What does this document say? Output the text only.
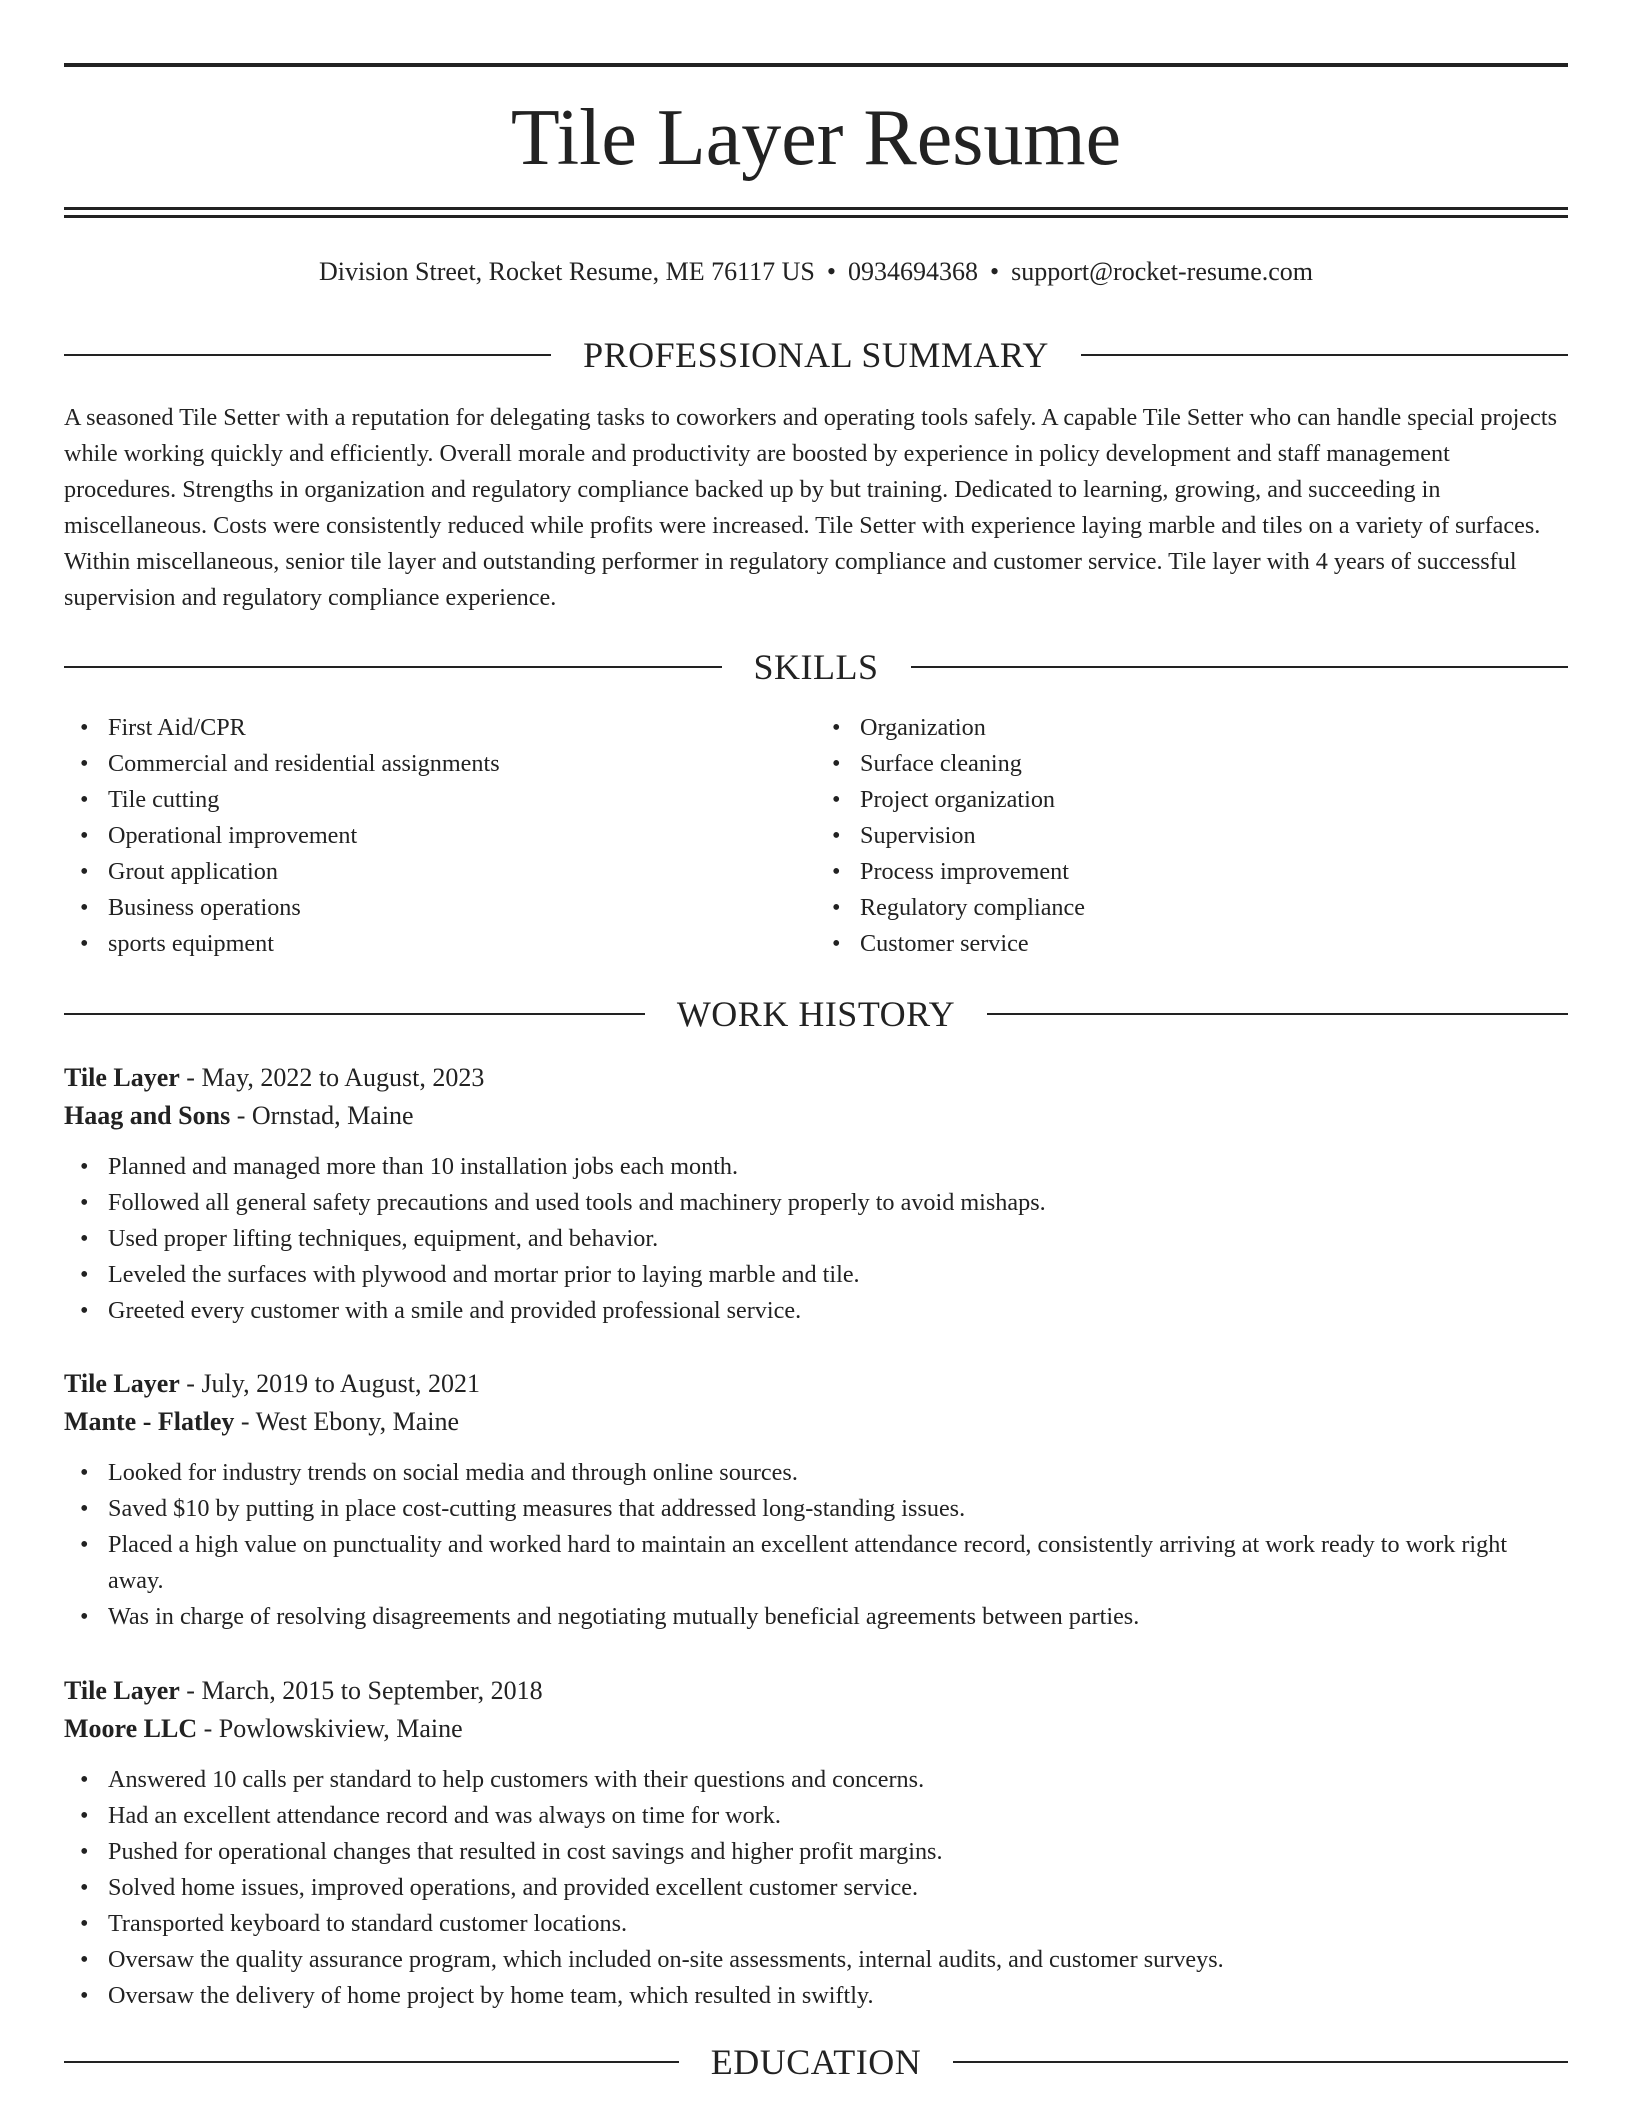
Tile Layer Resume
Division Street, Rocket Resume, ME 76117 US • 0934694368 • support@rocket-resume.com
PROFESSIONAL SUMMARY

A seasoned Tile Setter with a reputation for delegating tasks to coworkers and operating tools safely. A capable Tile Setter who can handle special projects while working quickly and efficiently. Overall morale and productivity are boosted by experience in policy development and staff management procedures. Strengths in organization and regulatory compliance backed up by but training. Dedicated to learning, growing, and succeeding in miscellaneous. Costs were consistently reduced while profits were increased. Tile Setter with experience laying marble and tiles on a variety of surfaces. Within miscellaneous, senior tile layer and outstanding performer in regulatory compliance and customer service. Tile layer with 4 years of successful supervision and regulatory compliance experience.

SKILLS
• First Aid/CPR
• Commercial and residential assignments
• Tile cutting
• Operational improvement
• Grout application
• Business operations
• sports equipment
• Organization
• Surface cleaning
• Project organization
• Supervision
• Process improvement
• Regulatory compliance
• Customer service
WORK HISTORY
Tile Layer - May, 2022 to August, 2023
Haag and Sons - Ornstad, Maine
• Planned and managed more than 10 installation jobs each month.
• Followed all general safety precautions and used tools and machinery properly to avoid mishaps.
• Used proper lifting techniques, equipment, and behavior.
• Leveled the surfaces with plywood and mortar prior to laying marble and tile.
• Greeted every customer with a smile and provided professional service.
Tile Layer - July, 2019 to August, 2021
Mante - Flatley - West Ebony, Maine
• Looked for industry trends on social media and through online sources.
• Saved $10 by putting in place cost-cutting measures that addressed long-standing issues.
• Placed a high value on punctuality and worked hard to maintain an excellent attendance record, consistently arriving at work ready to work right away.
• Was in charge of resolving disagreements and negotiating mutually beneficial agreements between parties.
Tile Layer - March, 2015 to September, 2018
Moore LLC - Powlowskiview, Maine
• Answered 10 calls per standard to help customers with their questions and concerns.
• Had an excellent attendance record and was always on time for work.
• Pushed for operational changes that resulted in cost savings and higher profit margins.
• Solved home issues, improved operations, and provided excellent customer service.
• Transported keyboard to standard customer locations.
• Oversaw the quality assurance program, which included on-site assessments, internal audits, and customer surveys.
• Oversaw the delivery of home project by home team, which resulted in swiftly.
EDUCATION
